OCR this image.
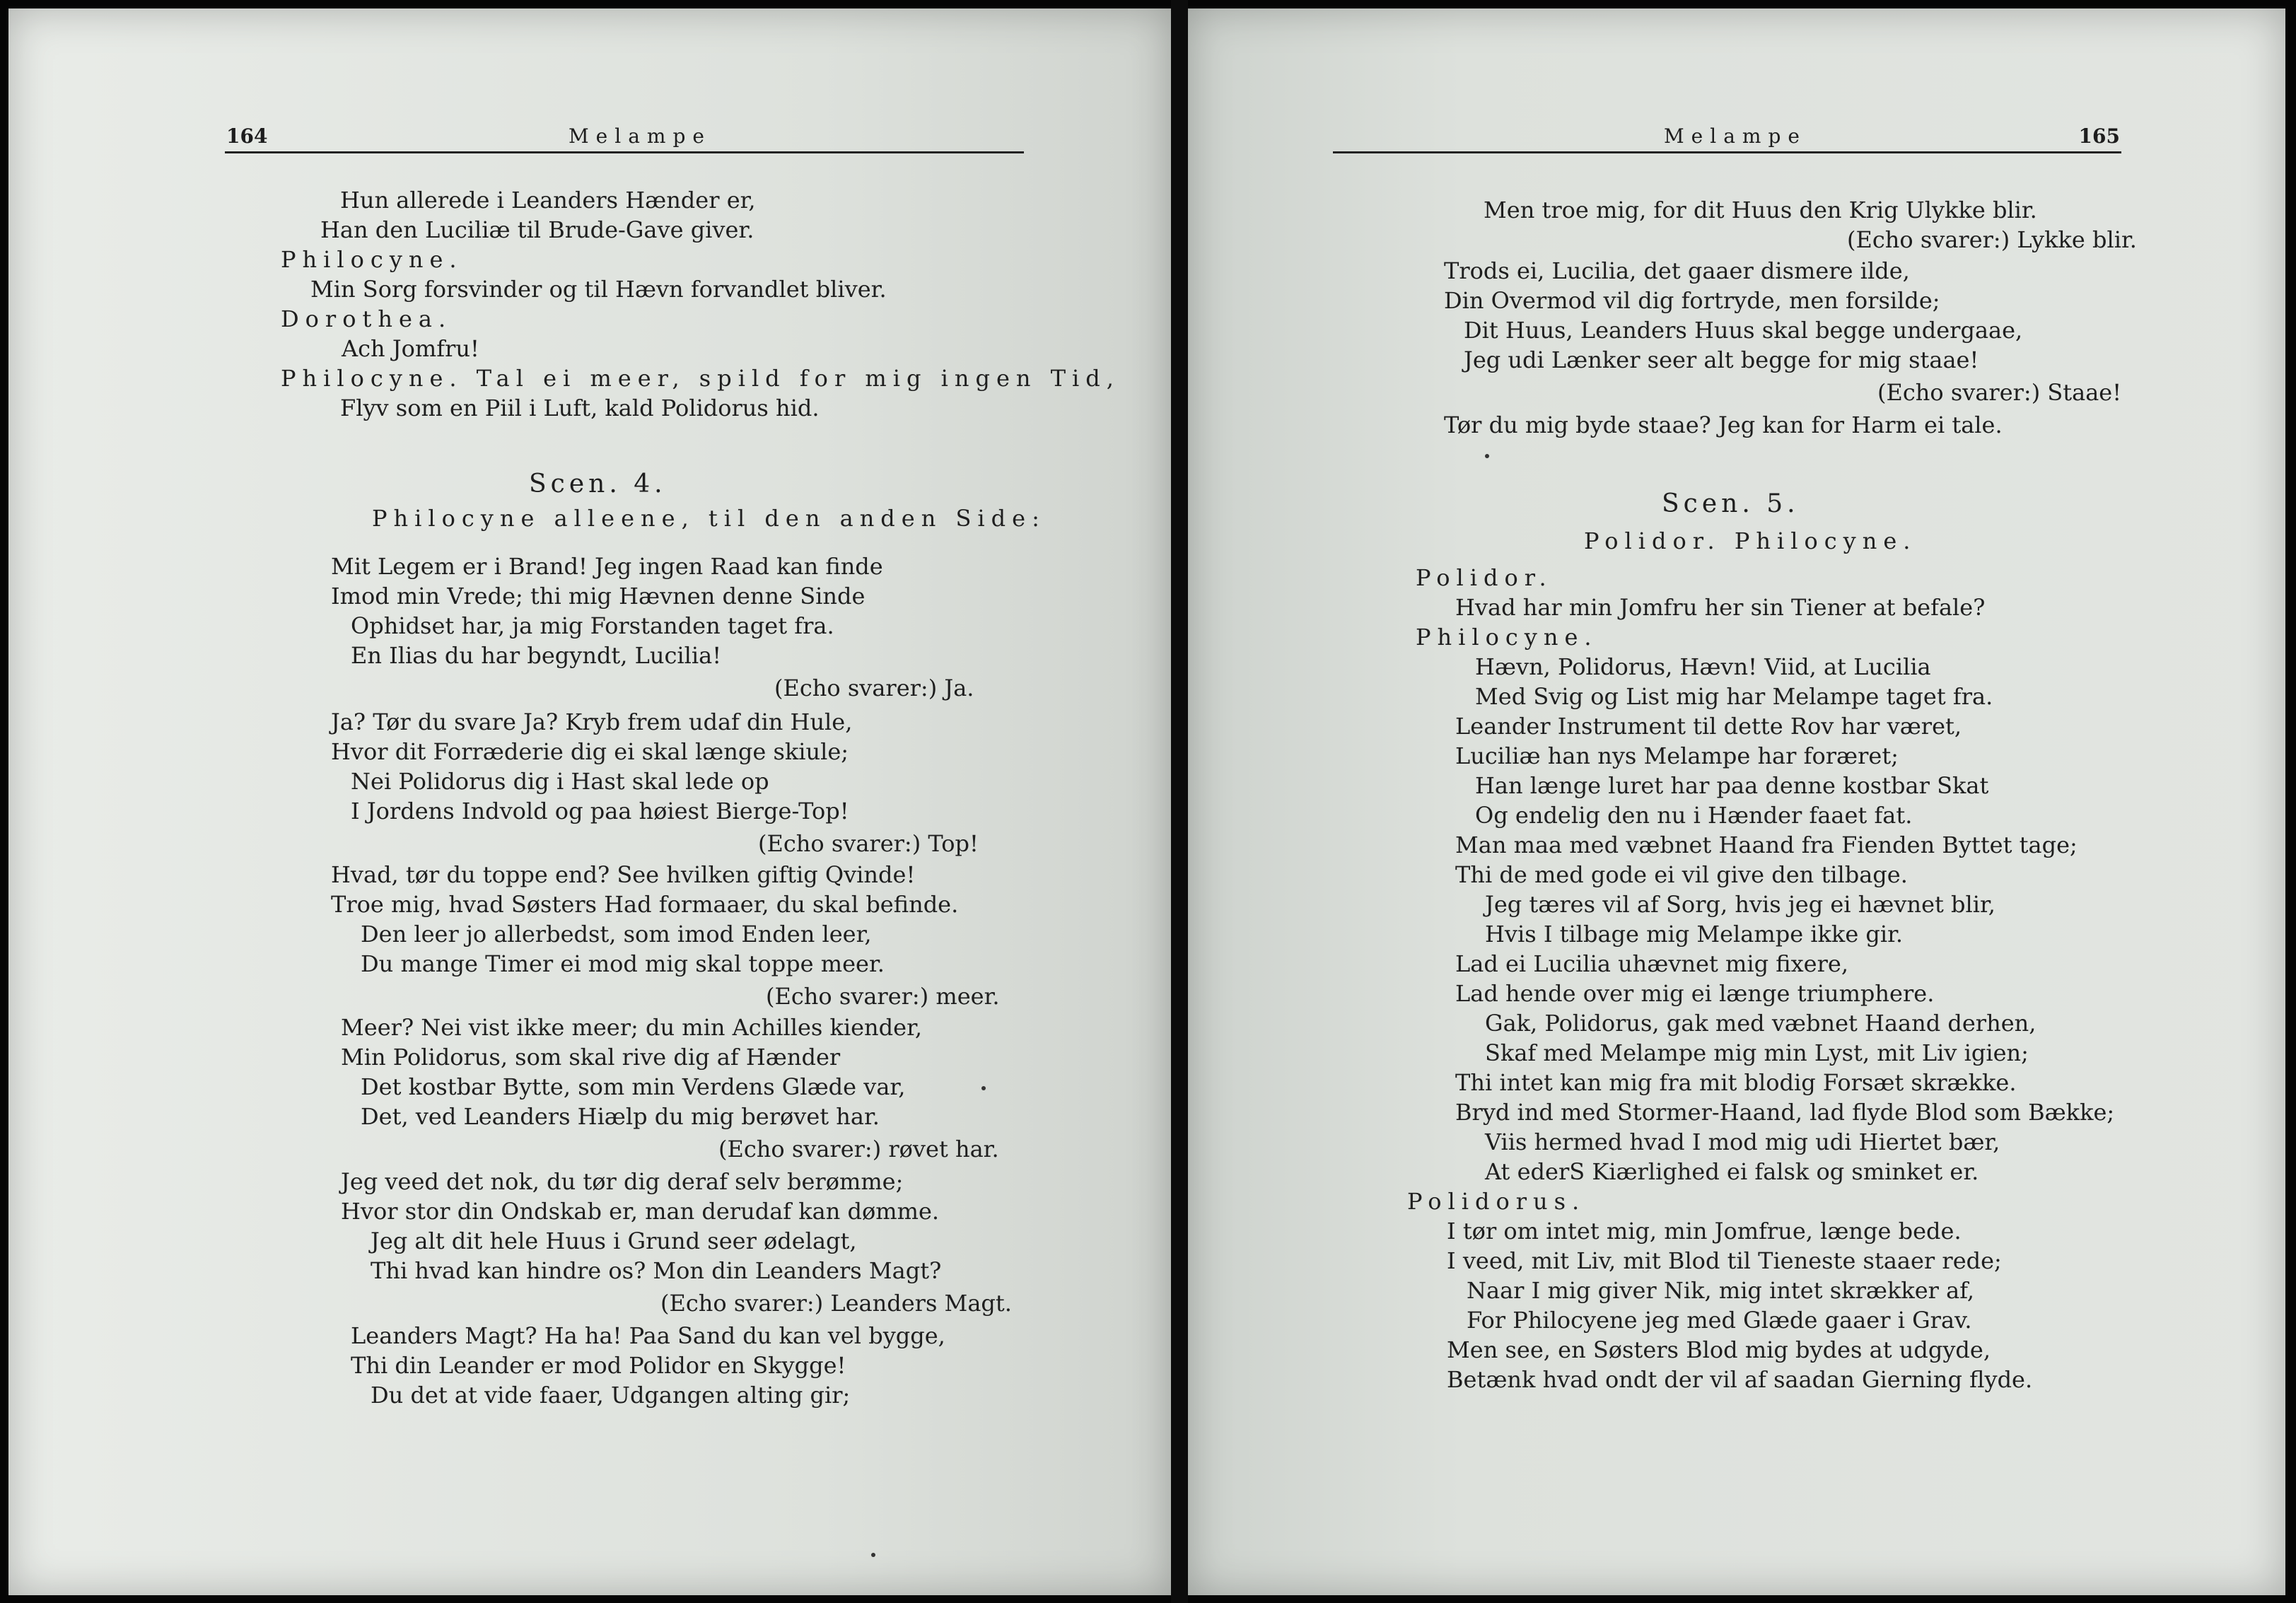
164	Melampe
Hun allerede i Leanders Hænder er,
Han den Luciliæ til Brude-Gave giver.
Philocyne.
Min Sorg forsvinder og til Hævn forvandlet bliver.
Dorothea.
Ach Jomfru!
Philocyne. Tal ei meer, spild for mig ingen Tid,
Flyv som en Piil i Luft, kald Polidorus hid.
Scen. 4.
Philocyne alleene, til den anden Side:
Mit Legem er i Brand! Jeg ingen Raad kan finde
Imod min Vrede; thi mig Hævnen denne Sinde
Ophidset har, ja mig Forstanden taget fra.
En Ilias du har begyndt, Lucilia!
(Echo svarer:) Ja.
Ja? Tør du svare Ja? Kryb frem udaf din Hule,
Hvor dit Forræderie dig ei skal længe skiule;
Nei Polidorus dig i Hast skal lede op
I Jordens Indvold og paa høiest Bierge-Top!
(Echo svarer:) Top!
Hvad, tør du toppe end? See hvilken giftig Qvinde!
Troe mig, hvad Søsters Had formaaer, du skal befinde.
Den leer jo allerbedst, som imod Enden leer,
Du mange Timer ei mod mig skal toppe meer.
(Echo svarer:) meer.
Meer? Nei vist ikke meer; du min Achilles kiender,
Min Polidorus, som skal rive dig af Hænder
Det kostbar Bytte, som min Verdens Glæde var,
Det, ved Leanders Hiælp du mig berøvet har.
(Echo svarer:) røvet har.
Jeg veed det nok, du tør dig deraf selv berømme;
Hvor stor din Ondskab er, man derudaf kan dømme.
Jeg alt dit hele Huus i Grund seer ødelagt,
Thi hvad kan hindre os? Mon din Leanders Magt?
(Echo svarer:) Leanders Magt.
Leanders Magt? Ha ha! Paa Sand du kan vel bygge,
Thi din Leander er mod Polidor en Skygge!
Du det at vide faaer, Udgangen alting gir;
Melampe	165
Men troe mig, for dit Huus den Krig Ulykke blir.
(Echo svarer:) Lykke blir.
Trods ei, Lucilia, det gaaer dismere ilde,
Din Overmod vil dig fortryde, men forsilde;
Dit Huus, Leanders Huus skal begge undergaae,
Jeg udi Lænker seer alt begge for mig staae!
(Echo svarer:) Staae!
Tør du mig byde staae? Jeg kan for Harm ei tale.
Scen. 5.
Polidor. Philocyne.
Polidor.
Hvad har min Jomfru her sin Tiener at befale?
Philocyne.
Hævn, Polidorus, Hævn! Viid, at Lucilia
Med Svig og List mig har Melampe taget fra.
Leander Instrument til dette Rov har været,
Luciliæ han nys Melampe har foræret;
Han længe luret har paa denne kostbar Skat
Og endelig den nu i Hænder faaet fat.
Man maa med væbnet Haand fra Fienden Byttet tage;
Thi de med gode ei vil give den tilbage.
Jeg tæres vil af Sorg, hvis jeg ei hævnet blir,
Hvis I tilbage mig Melampe ikke gir.
Lad ei Lucilia uhævnet mig fixere,
Lad hende over mig ei længe triumphere.
Gak, Polidorus, gak med væbnet Haand derhen,
Skaf med Melampe mig min Lyst, mit Liv igien;
Thi intet kan mig fra mit blodig Forsæt skrække.
Bryd ind med Stormer-Haand, lad flyde Blod som Bække;
Viis hermed hvad I mod mig udi Hiertet bær,
At ederS Kiærlighed ei falsk og sminket er.
Polidorus.
I tør om intet mig, min Jomfrue, længe bede.
I veed, mit Liv, mit Blod til Tieneste staaer rede;
Naar I mig giver Nik, mig intet skrækker af,
For Philocyene jeg med Glæde gaaer i Grav.
Men see, en Søsters Blod mig bydes at udgyde,
Betænk hvad ondt der vil af saadan Gierning flyde.
